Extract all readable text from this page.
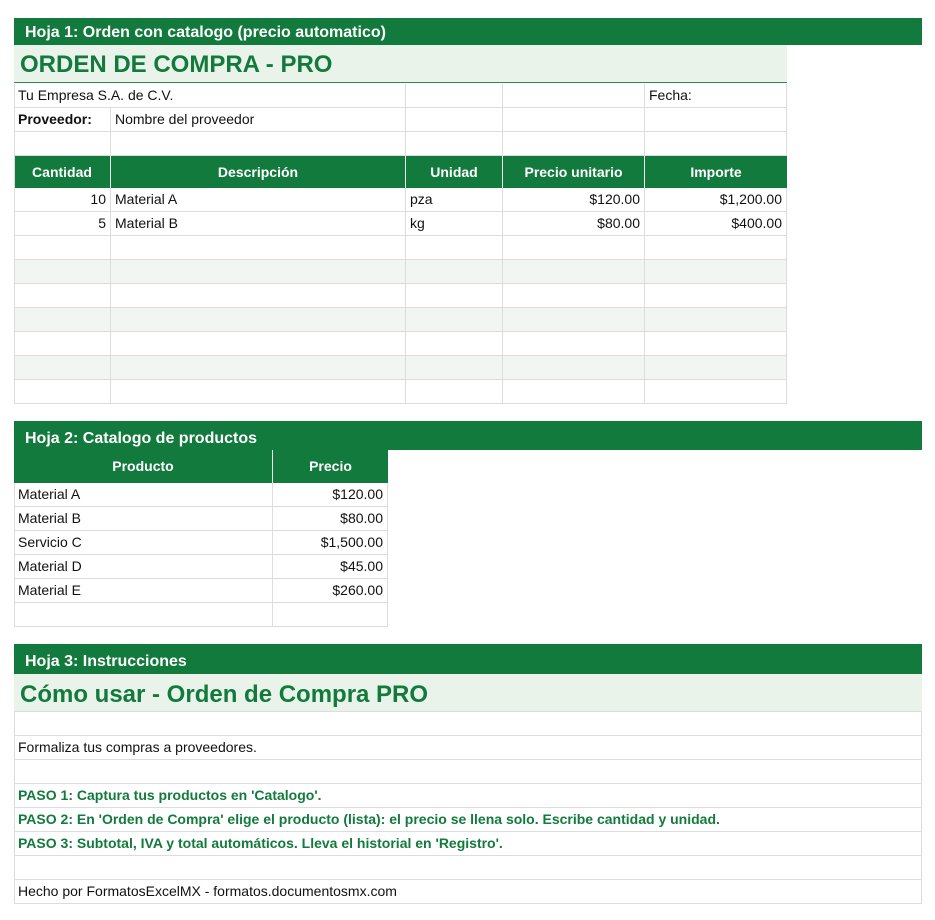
Hoja 1: Orden con catalogo (precio automatico)
ORDEN DE COMPRA - PRO
Tu Empresa S.A. de C.V.	Fecha:
Proveedor:	Nombre del proveedor
Cantidad	Descripción	Unidad	Precio unitario	Importe
10 Material A	pza	$120.00	$1,200.00
5 Material B	kg	$80.00	$400.00
Hoja 2: Catalogo de productos
Producto	Precio
Material A	$120.00
Material B	$80.00
Servicio C	$1,500.00
Material D	$45.00
Material E	$260.00
Hoja 3: Instrucciones
Cómo usar - Orden de Compra PRO
Formaliza tus compras a proveedores.
PASO 1: Captura tus productos en 'Catalogo'.
PASO 2: En 'Orden de Compra' elige el producto (lista): el precio se llena solo. Escribe cantidad y unidad.
PASO 3: Subtotal, IVA y total automáticos. Lleva el historial en 'Registro'.
Hecho por FormatosExcelMX - formatos.documentosmx.com
